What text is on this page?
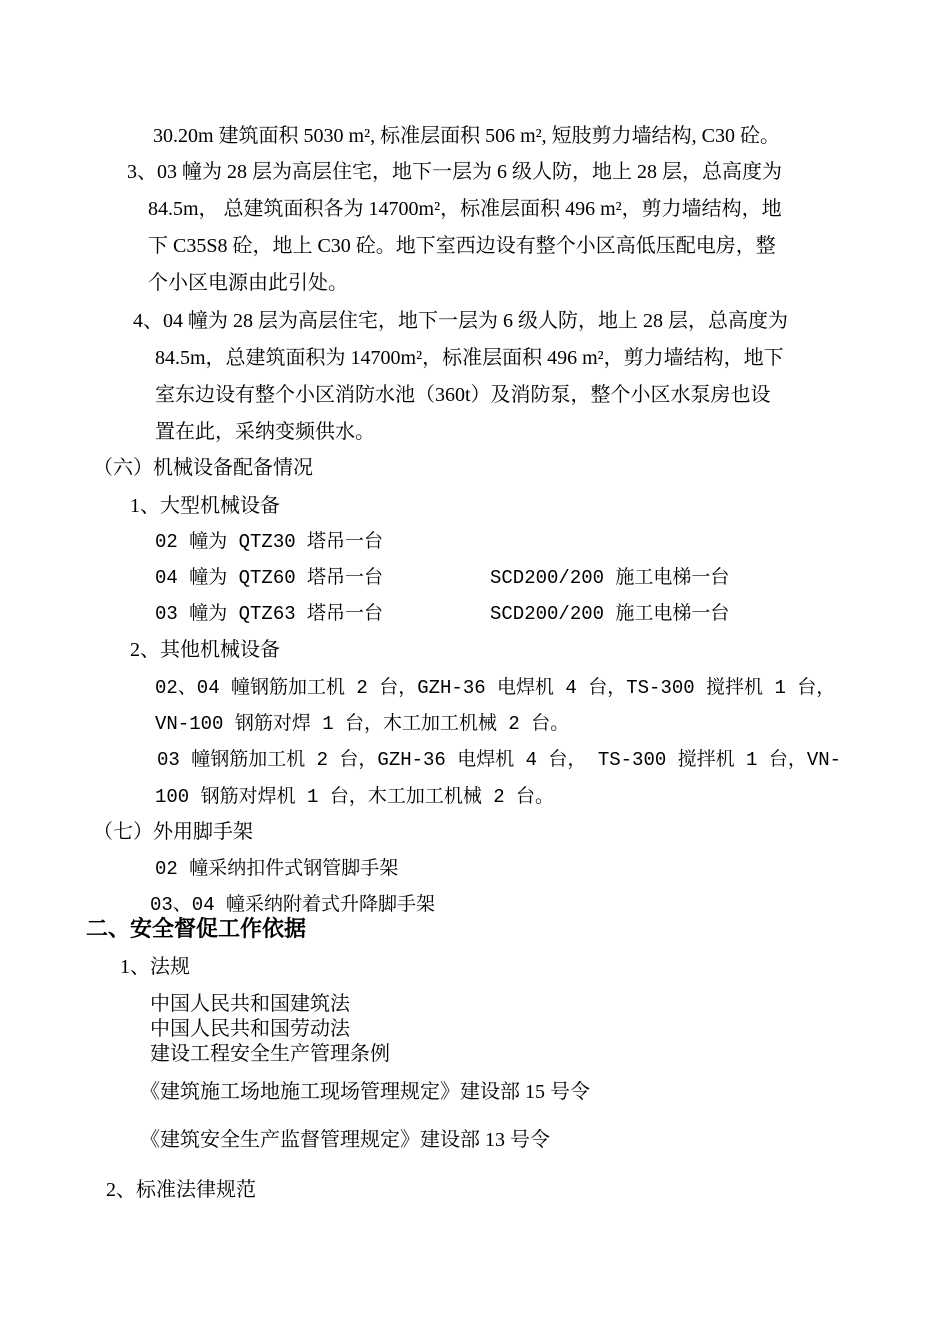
30.20m 建筑面积 5030 m², 标准层面积 506 m², 短肢剪力墙结构, C30 砼。
3、03 幢为 28 层为高层住宅，地下一层为 6 级人防，地上 28 层，总高度为
84.5m， 总建筑面积各为 14700m²，标准层面积 496 m²，剪力墙结构，地
下 C35S8 砼，地上 C30 砼。地下室西边设有整个小区高低压配电房，整
个小区电源由此引处。
4、04 幢为 28 层为高层住宅，地下一层为 6 级人防，地上 28 层，总高度为
84.5m，总建筑面积为 14700m²，标准层面积 496 m²，剪力墙结构，地下
室东边设有整个小区消防水池（360t）及消防泵，整个小区水泵房也设
置在此，采纳变频供水。
（六）机械设备配备情况
1、大型机械设备
02 幢为 QTZ30 塔吊一台
04 幢为 QTZ60 塔吊一台	SCD200/200 施工电梯一台
03 幢为 QTZ63 塔吊一台	SCD200/200 施工电梯一台
2、其他机械设备
02、04 幢钢筋加工机 2 台，GZH-36 电焊机 4 台，TS-300 搅拌机 1 台，
VN-100 钢筋对焊 1 台，木工加工机械 2 台。
03 幢钢筋加工机 2 台，GZH-36 电焊机 4 台， TS-300 搅拌机 1 台，VN-
100 钢筋对焊机 1 台，木工加工机械 2 台。
（七）外用脚手架
02 幢采纳扣件式钢管脚手架
03、04 幢采纳附着式升降脚手架
二、安全督促工作依据
1、法规
中国人民共和国建筑法
中国人民共和国劳动法
建设工程安全生产管理条例
《建筑施工场地施工现场管理规定》建设部 15 号令
《建筑安全生产监督管理规定》建设部 13 号令
2、标准法律规范
